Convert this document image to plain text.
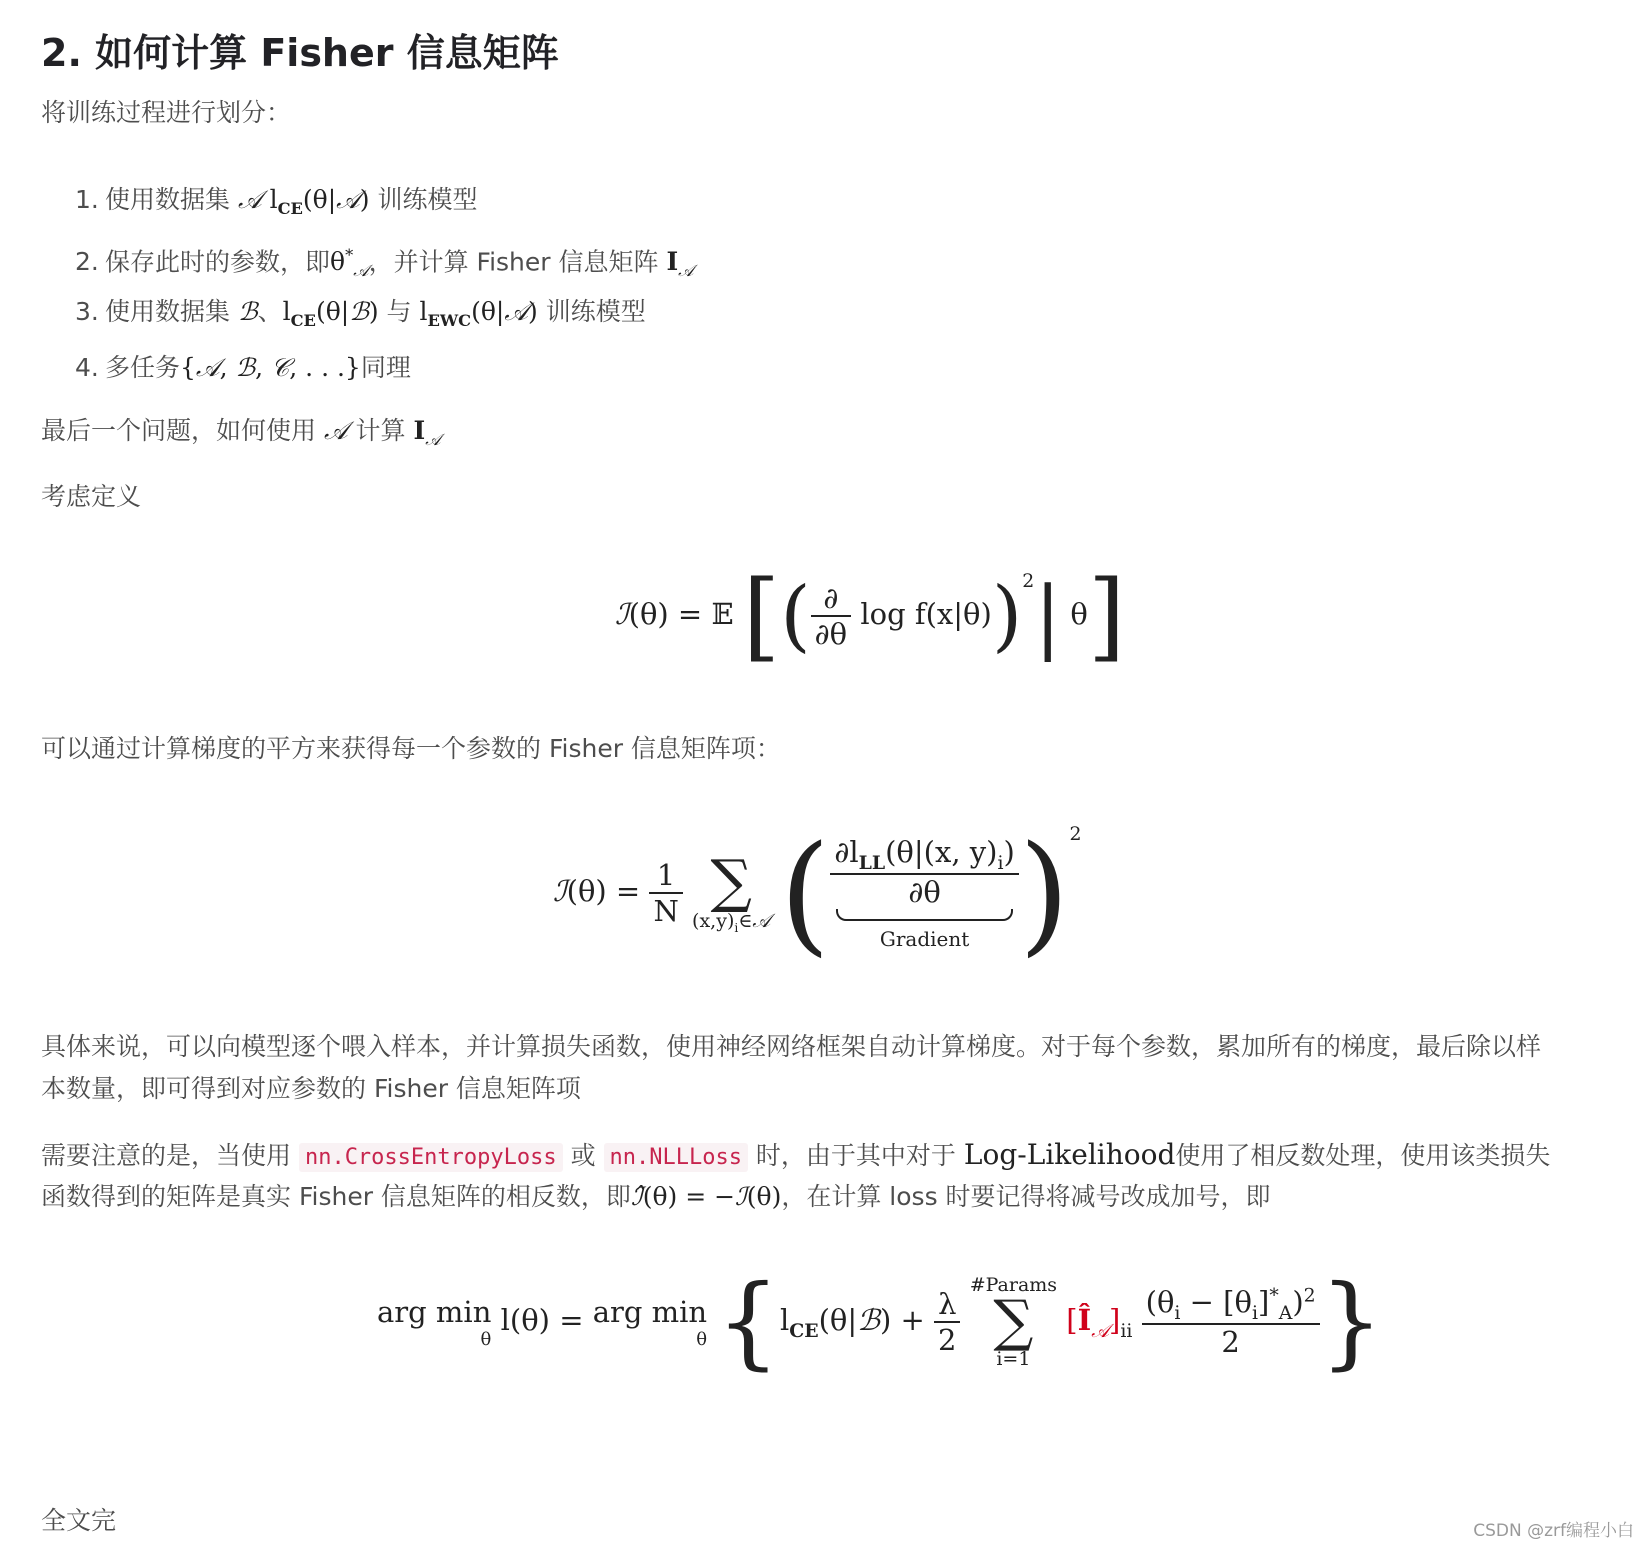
2. 如何计算 Fisher 信息矩阵

将训练过程进行划分：

1. 使用数据集 𝒜 $l_{CE}(\theta|𝒜)$ 训练模型
2. 保存此时的参数，即$\theta^*_𝒜$，并计算 Fisher 信息矩阵 $I_𝒜$
3. 使用数据集 ℬ、$l_{CE}(\theta|ℬ)$ 与 $l_{EWC}(\theta|𝒜)$ 训练模型
4. 多任务{𝒜, ℬ, 𝒞, . . .}同理

最后一个问题，如何使用 𝒜 计算 $I_𝒜$

考虑定义

ℐ(θ) = 𝔼 [( $\frac{\partial}{\partial\theta}$ log f(x|θ))$^2$| θ]

可以通过计算梯度的平方来获得每一个参数的 Fisher 信息矩阵项：

ℐ(θ) = $\frac{1}{N}$
∑
$(x,y)_i\in 𝒜$ ( $\frac{\partial l_{LL}(\theta|(x, y)_i)}{\partial\theta}$
Gradient )$^2$

具体来说，可以向模型逐个喂入样本，并计算损失函数，使用神经网络框架自动计算梯度。对于每个参数，累加所有的梯度，最后除以样

本数量，即可得到对应参数的 Fisher 信息矩阵项

需要注意的是，当使用 nn.CrossEntropyLoss 或 nn.NLLLoss 时，由于其中对于 Log-Likelihood使用了相反数处理，使用该类损失

函数得到的矩阵是真实 Fisher 信息矩阵的相反数，即ℐ̂(θ) = −ℐ(θ)，在计算 loss 时要记得将减号改成加号，即

arg min
θ
l(θ) = arg min
θ {$l_{CE}(\theta|ℬ) + \frac{\lambda}{2}$

#Params
∑
i=1
$[Î_𝒜]_{ii} \frac{(\theta_i - [\theta_i]^*_A)^2}{2}$ }

全文完	CSDN @zrf编程小白
